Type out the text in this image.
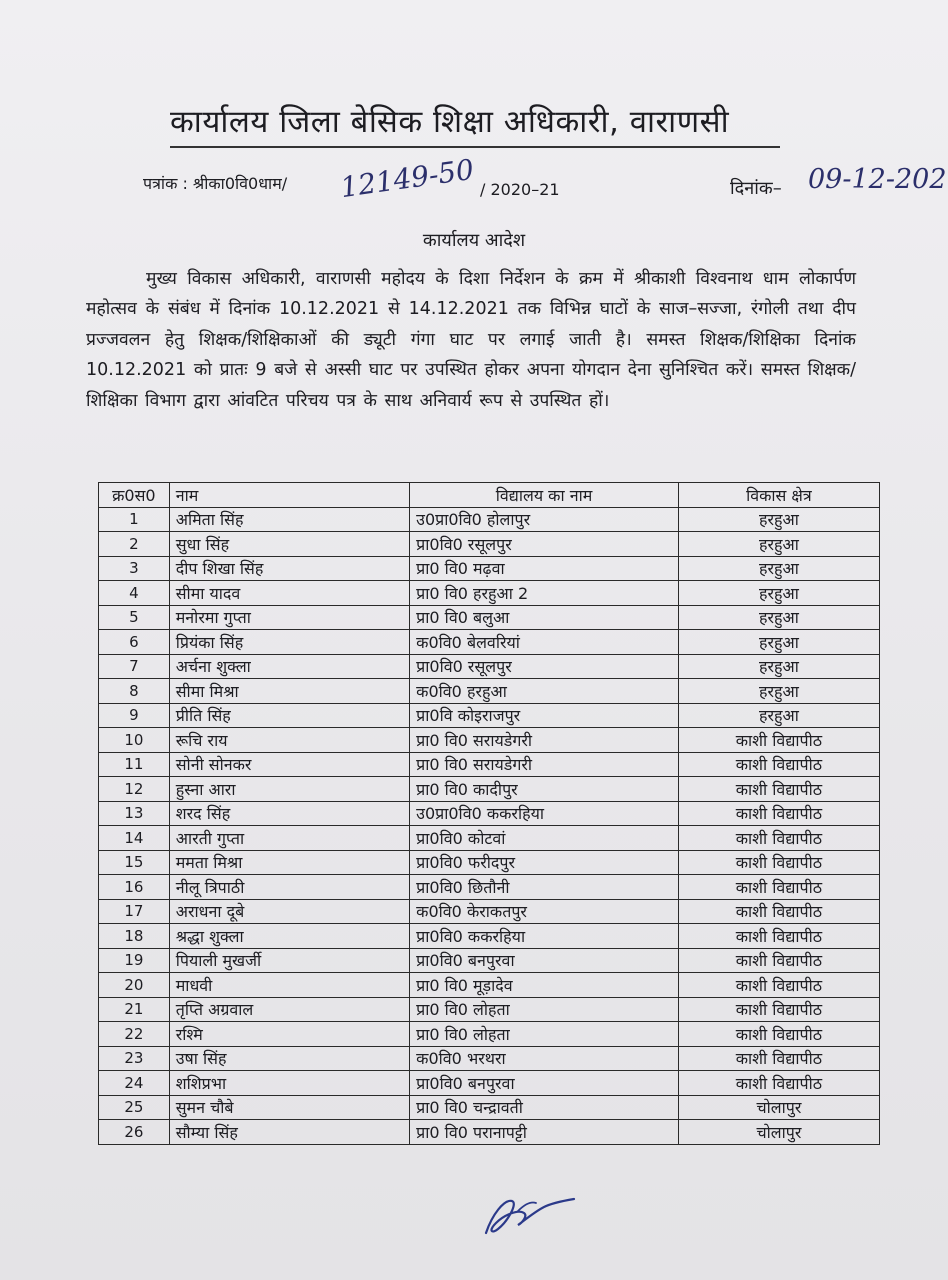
कार्यालय जिला बेसिक शिक्षा अधिकारी, वाराणसी
पत्रांक : श्रीका0वि0धाम/ 12149-50 / 2020–21	दिनांक– 09-12-202
कार्यालय आदेश
मुख्य विकास अधिकारी, वाराणसी महोदय के दिशा निर्देशन के क्रम में श्रीकाशी विश्वनाथ धाम लोकार्पण महोत्सव के संबंध में दिनांक 10.12.2021 से 14.12.2021 तक विभिन्न घाटों के साज–सज्जा, रंगोली तथा दीप प्रज्जवलन हेतु शिक्षक/शिक्षिकाओं की ड्यूटी गंगा घाट पर लगाई जाती है। समस्त शिक्षक/शिक्षिका दिनांक 10.12.2021 को प्रातः 9 बजे से अस्सी घाट पर उपस्थित होकर अपना योगदान देना सुनिश्चित करें। समस्त शिक्षक/शिक्षिका विभाग द्वारा आंवटित परिचय पत्र के साथ अनिवार्य रूप से उपस्थित हों।
क्र0स0	नाम	विद्यालय का नाम	विकास क्षेत्र
1	अमिता सिंह	उ0प्रा0वि0 होलापुर	हरहुआ
2	सुधा सिंह	प्रा0वि0 रसूलपुर	हरहुआ
3	दीप शिखा सिंह	प्रा0 वि0 मढ़वा	हरहुआ
4	सीमा यादव	प्रा0 वि0 हरहुआ 2	हरहुआ
5	मनोरमा गुप्ता	प्रा0 वि0 बलुआ	हरहुआ
6	प्रियंका सिंह	क0वि0 बेलवरियां	हरहुआ
7	अर्चना शुक्ला	प्रा0वि0 रसूलपुर	हरहुआ
8	सीमा मिश्रा	क0वि0 हरहुआ	हरहुआ
9	प्रीति सिंह	प्रा0वि कोइराजपुर	हरहुआ
10	रूचि राय	प्रा0 वि0 सरायडेगरी	काशी विद्यापीठ
11	सोनी सोनकर	प्रा0 वि0 सरायडेगरी	काशी विद्यापीठ
12	हुस्ना आरा	प्रा0 वि0 कादीपुर	काशी विद्यापीठ
13	शरद सिंह	उ0प्रा0वि0 ककरहिया	काशी विद्यापीठ
14	आरती गुप्ता	प्रा0वि0 कोटवां	काशी विद्यापीठ
15	ममता मिश्रा	प्रा0वि0 फरीदपुर	काशी विद्यापीठ
16	नीलू त्रिपाठी	प्रा0वि0 छितौनी	काशी विद्यापीठ
17	अराधना दूबे	क0वि0 केराकतपुर	काशी विद्यापीठ
18	श्रद्धा शुक्ला	प्रा0वि0 ककरहिया	काशी विद्यापीठ
19	पियाली मुखर्जी	प्रा0वि0 बनपुरवा	काशी विद्यापीठ
20	माधवी	प्रा0 वि0 मूड़ादेव	काशी विद्यापीठ
21	तृप्ति अग्रवाल	प्रा0 वि0 लोहता	काशी विद्यापीठ
22	रश्मि	प्रा0 वि0 लोहता	काशी विद्यापीठ
23	उषा सिंह	क0वि0 भरथरा	काशी विद्यापीठ
24	शशिप्रभा	प्रा0वि0 बनपुरवा	काशी विद्यापीठ
25	सुमन चौबे	प्रा0 वि0 चन्द्रावती	चोलापुर
26	सौम्या सिंह	प्रा0 वि0 परानापट्टी	चोलापुर
